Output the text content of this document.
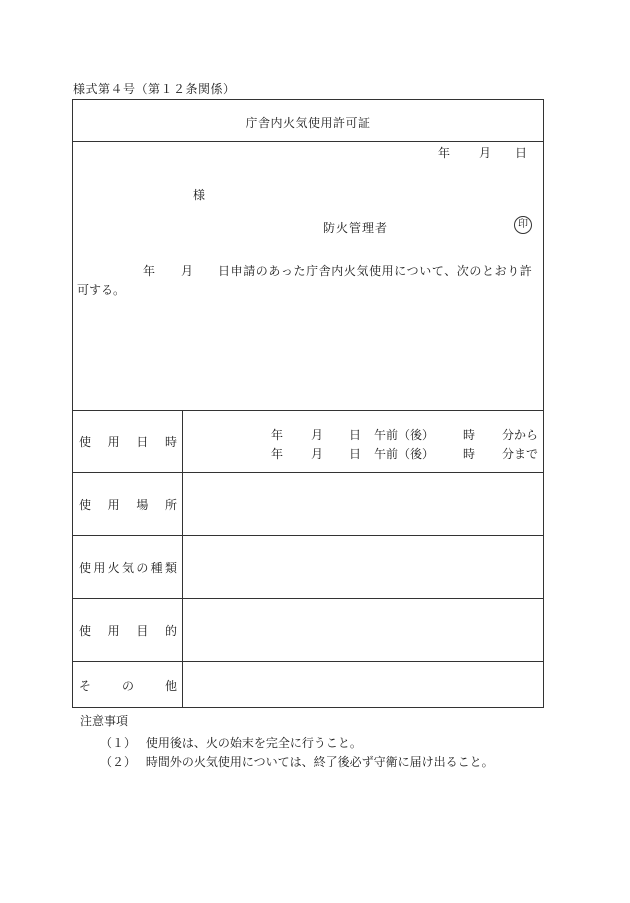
様式第４号（第１２条関係）
庁舎内火気使用許可証
年 月 日
様
防火管理者	印
年 月 日申請のあった庁舎内火気使用について、次のとおり許
可する。
使　用　日　時	年 月 日 午前（後） 時 分から
年 月 日 午前（後） 時 分まで
使　用　場　所
使用火気の種類
使　用　目　的
そ　　の　　他
注意事項
（１） 使用後は、火の始末を完全に行うこと。
（２） 時間外の火気使用については、終了後必ず守衛に届け出ること。
